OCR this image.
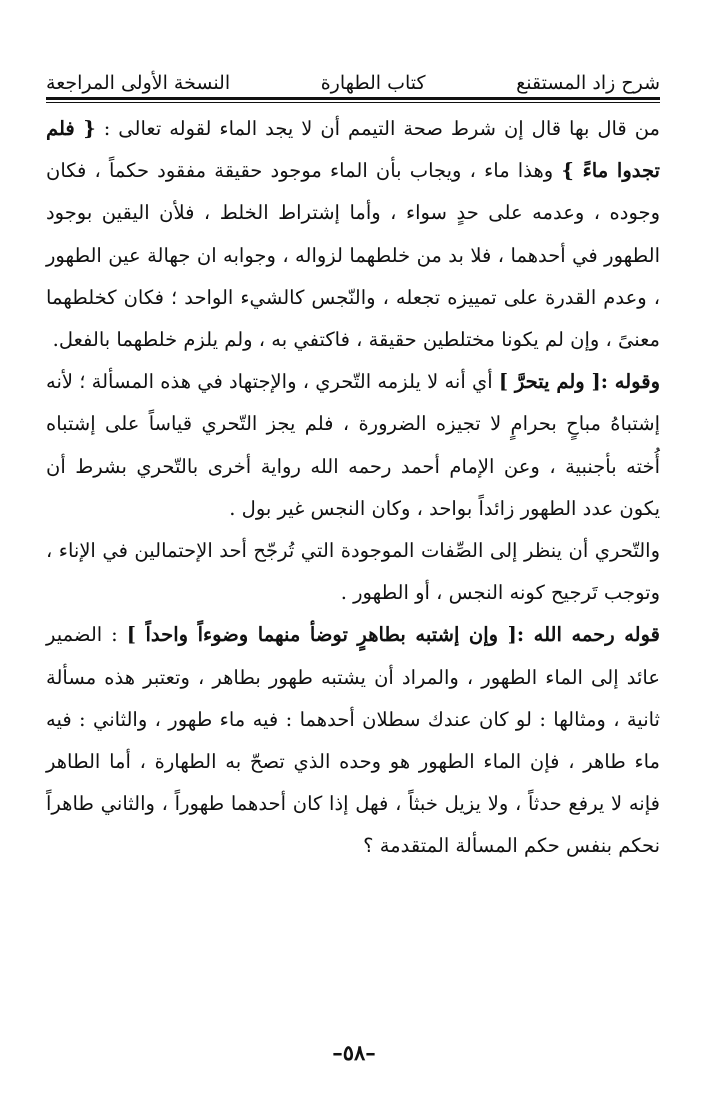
شرح زاد المستقنع
كتاب الطهارة
النسخة الأولى المراجعة

من قال بها قال إن شرط صحة التيمم أن لا يجد الماء لقوله تعالى : { فلم تجدوا ماءً } وهذا ماء ، ويجاب بأن الماء موجود حقيقة مفقود حكماً ، فكان وجوده ، وعدمه على حدٍ سواء ، وأما إشتراط الخلط ، فلأن اليقين بوجود الطهور في أحدهما ، فلا بد من خلطهما لزواله ، وجوابه ان جهالة عين الطهور ، وعدم القدرة على تمييزه تجعله ، والنّجس كالشيء الواحد ؛ فكان كخلطهما معنىً ، وإن لم يكونا مختلطين حقيقة ، فاكتفي به ، ولم يلزم خلطهما بالفعل.

وقوله :[ ولم يتحرَّ ] أي أنه لا يلزمه التّحري ، والإجتهاد في هذه المسألة ؛ لأنه إشتباهُ مباحٍ بحرامٍ لا تجيزه الضرورة ، فلم يجز التّحري قياساً على إشتباه أُخته بأجنبية ، وعن الإمام أحمد رحمه الله رواية أخرى بالتّحري بشرط أن يكون عدد الطهور زائداً بواحد ، وكان النجس غير بول .

والتّحري أن ينظر إلى الصِّفات الموجودة التي تُرجّح أحد الإحتمالين في الإناء ، وتوجب تَرجيح كونه النجس ، أو الطهور .

قوله رحمه الله :[ وإن إشتبه بطاهرٍ توضأ منهما وضوءاً واحداً ] : الضمير عائد إلى الماء الطهور ، والمراد أن يشتبه طهور بطاهر ، وتعتبر هذه مسألة ثانية ، ومثالها : لو كان عندك سطلان أحدهما : فيه ماء طهور ، والثاني : فيه ماء طاهر ، فإن الماء الطهور هو وحده الذي تصحّ به الطهارة ، أما الطاهر فإنه لا يرفع حدثاً ، ولا يزيل خبثاً ، فهل إذا كان أحدهما طهوراً ، والثاني طاهراً نحكم بنفس حكم المسألة المتقدمة ؟

–٥٨–
